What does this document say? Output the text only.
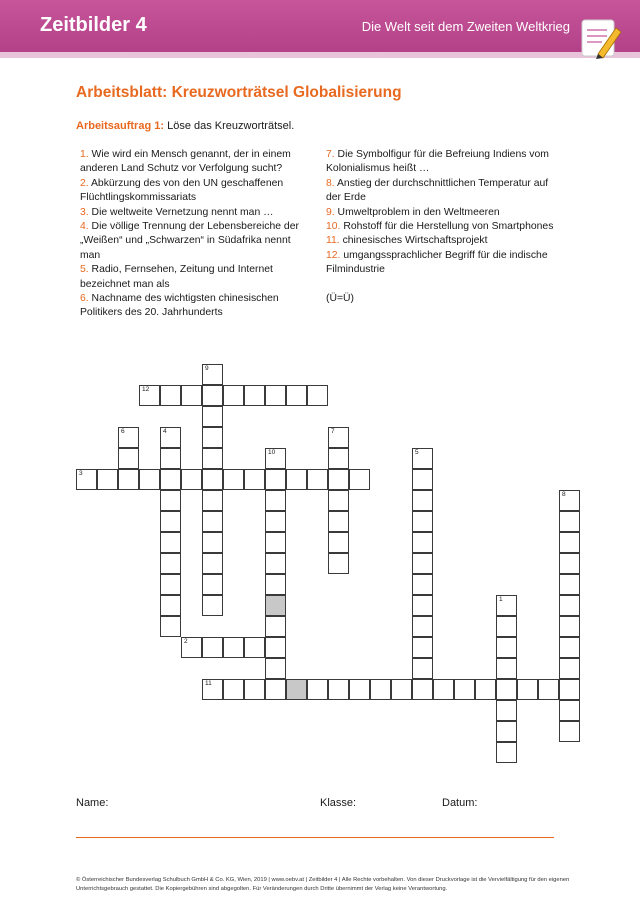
Zeitbilder 4	Die Welt seit dem Zweiten Weltkrieg
Arbeitsblatt: Kreuzworträtsel Globalisierung
Arbeitsauftrag 1: Löse das Kreuzworträtsel.
1. Wie wird ein Mensch genannt, der in einem anderen Land Schutz vor Verfolgung sucht?
2. Abkürzung des von den UN geschaffenen Flüchtlingskommissariats
3. Die weltweite Vernetzung nennt man …
4. Die völlige Trennung der Lebensbereiche der „Weißen“ und „Schwarzen“ in Südafrika nennt man
5. Radio, Fernsehen, Zeitung und Internet bezeichnet man als
6. Nachname des wichtigsten chinesischen Politikers des 20. Jahrhunderts
7. Die Symbolfigur für die Befreiung Indiens vom Kolonialismus heißt …
8. Anstieg der durchschnittlichen Temperatur auf der Erde
9. Umweltproblem in den Weltmeeren
10. Rohstoff für die Herstellung von Smartphones
11. chinesisches Wirtschaftsprojekt
12. umgangssprachlicher Begriff für die indische Filmindustrie
(Ü=Ü)
1
2
3
4
5
6	7
8
9
10
11
12
Name:	Klasse:	Datum:
© Österreichischer Bundesverlag Schulbuch GmbH & Co. KG, Wien, 2019 | www.oebv.at | Zeitbilder 4 | Alle Rechte vorbehalten. Von dieser Druckvorlage ist die Vervielfältigung für den eigenen Unterrichtsgebrauch gestattet. Die Kopiergebühren sind abgegolten. Für Veränderungen durch Dritte übernimmt der Verlag keine Verantwortung.
